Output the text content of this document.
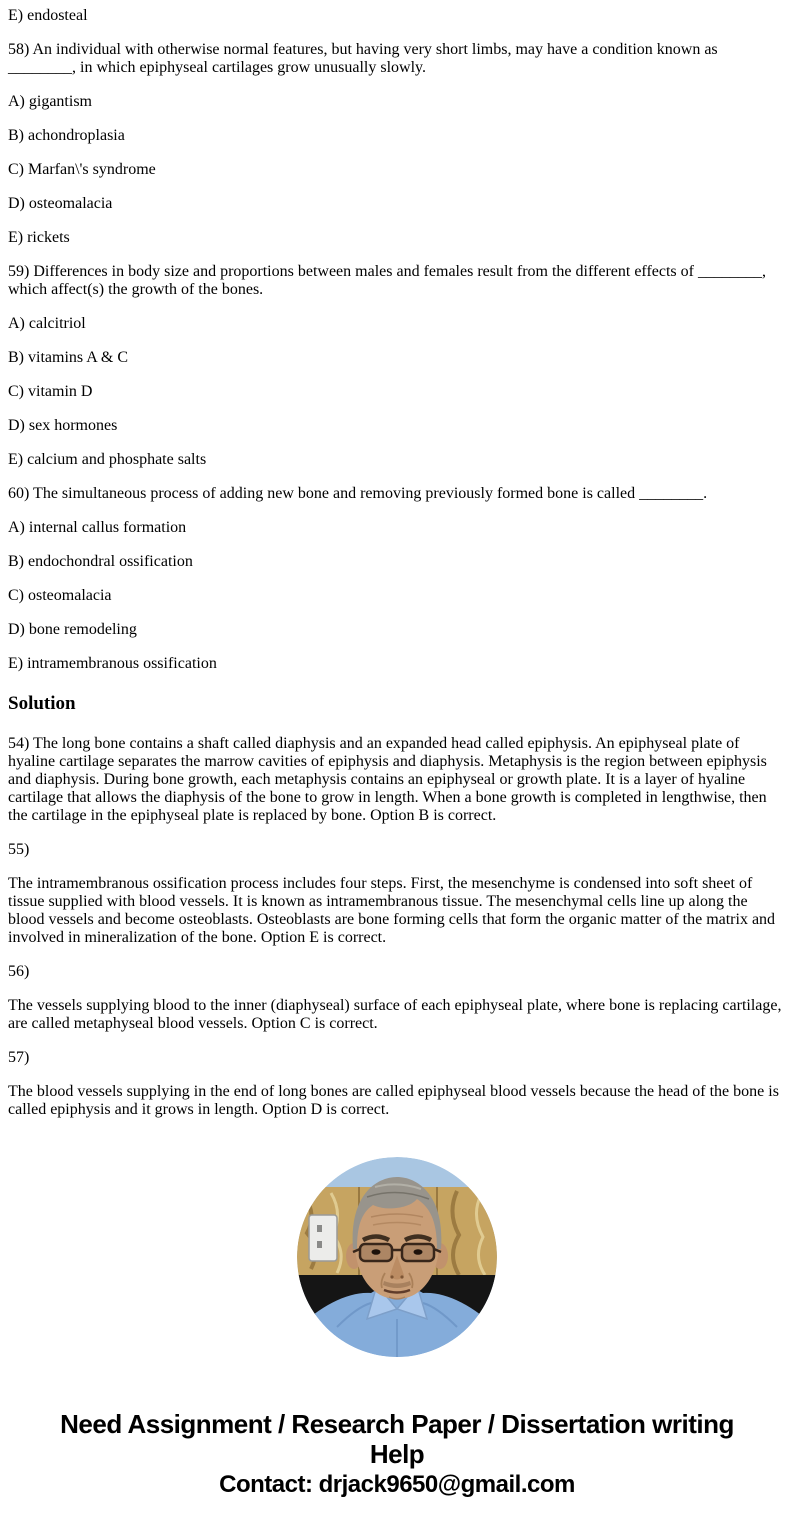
E) endosteal

58) An individual with otherwise normal features, but having very short limbs, may have a condition known as ________, in which epiphyseal cartilages grow unusually slowly.

A) gigantism

B) achondroplasia

C) Marfan\'s syndrome

D) osteomalacia

E) rickets

59) Differences in body size and proportions between males and females result from the different effects of ________, which affect(s) the growth of the bones.

A) calcitriol

B) vitamins A & C

C) vitamin D

D) sex hormones

E) calcium and phosphate salts

60) The simultaneous process of adding new bone and removing previously formed bone is called ________.

A) internal callus formation

B) endochondral ossification

C) osteomalacia

D) bone remodeling

E) intramembranous ossification

Solution

54) The long bone contains a shaft called diaphysis and an expanded head called epiphysis. An epiphyseal plate of hyaline cartilage separates the marrow cavities of epiphysis and diaphysis. Metaphysis is the region between epiphysis and diaphysis. During bone growth, each metaphysis contains an epiphyseal or growth plate. It is a layer of hyaline cartilage that allows the diaphysis of the bone to grow in length. When a bone growth is completed in lengthwise, then the cartilage in the epiphyseal plate is replaced by bone. Option B is correct.

55)

The intramembranous ossification process includes four steps. First, the mesenchyme is condensed into soft sheet of tissue supplied with blood vessels. It is known as intramembranous tissue. The mesenchymal cells line up along the blood vessels and become osteoblasts. Osteoblasts are bone forming cells that form the organic matter of the matrix and involved in mineralization of the bone. Option E is correct.

56)

The vessels supplying blood to the inner (diaphyseal) surface of each epiphyseal plate, where bone is replacing cartilage, are called metaphyseal blood vessels. Option C is correct.

57)

The blood vessels supplying in the end of long bones are called epiphyseal blood vessels because the head of the bone is called epiphysis and it grows in length. Option D is correct.

Need Assignment / Research Paper / Dissertation writing Help
Contact: drjack9650@gmail.com
